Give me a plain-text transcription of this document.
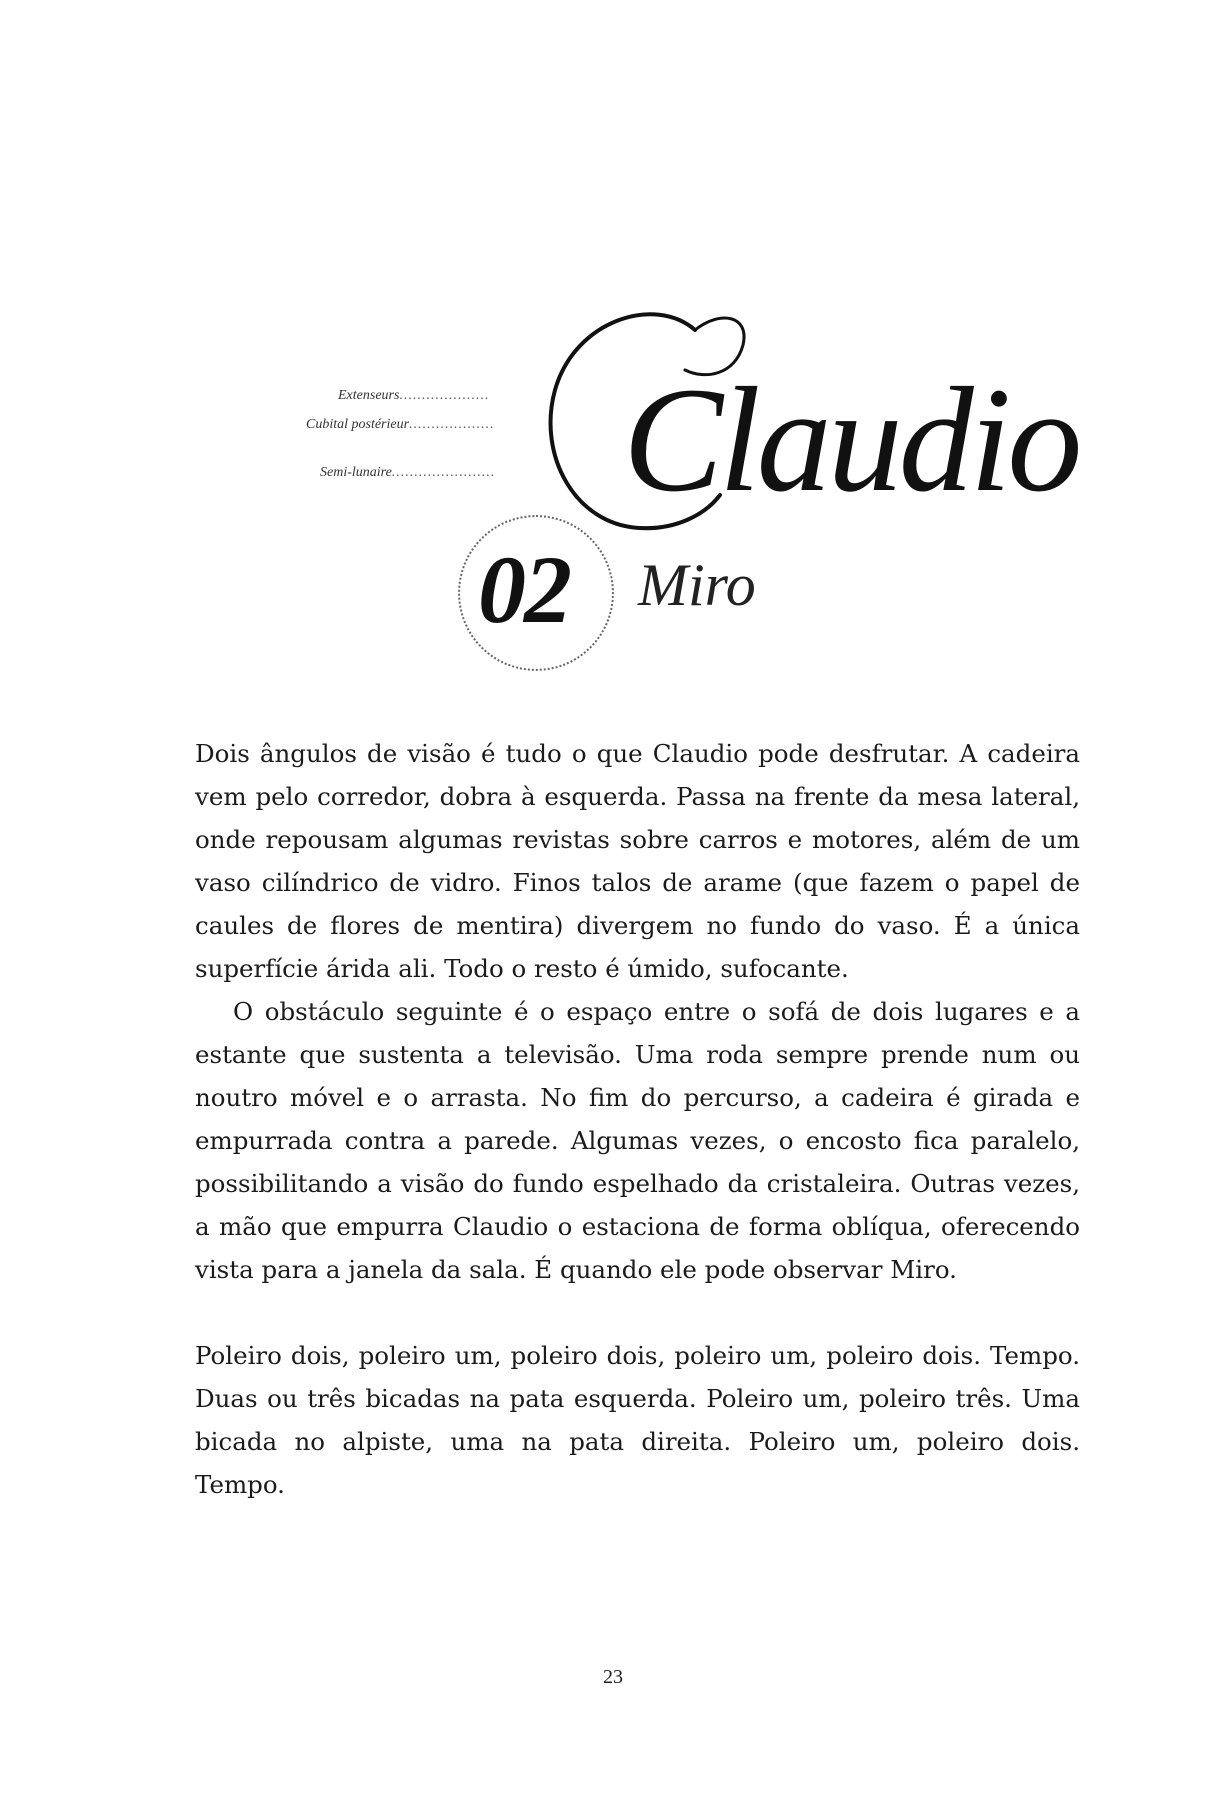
Extenseurs....................
Cubital postérieur...................
Semi-lunaire....................... Claudio
02	Miro

Dois ângulos de visão é tudo o que Claudio pode desfrutar. A cadeira vem pelo corredor, dobra à esquerda. Passa na frente da mesa lateral, onde repousam algumas revistas sobre carros e motores, além de um vaso cilíndrico de vidro. Finos talos de arame (que fazem o papel de caules de flores de mentira) divergem no fundo do vaso. É a única superfície árida ali. Todo o resto é úmido, sufocante.

O obstáculo seguinte é o espaço entre o sofá de dois lugares e a estante que sustenta a televisão. Uma roda sempre prende num ou noutro móvel e o arrasta. No fim do percurso, a cadeira é girada e empurrada contra a parede. Algumas vezes, o encosto fica paralelo, possibilitando a visão do fundo espelhado da cristaleira. Outras vezes, a mão que empurra Claudio o estaciona de forma oblíqua, oferecendo vista para a janela da sala. É quando ele pode observar Miro.

Poleiro dois, poleiro um, poleiro dois, poleiro um, poleiro dois. Tempo. Duas ou três bicadas na pata esquerda. Poleiro um, poleiro três. Uma bicada no alpiste, uma na pata direita. Poleiro um, poleiro dois. Tempo.

23
